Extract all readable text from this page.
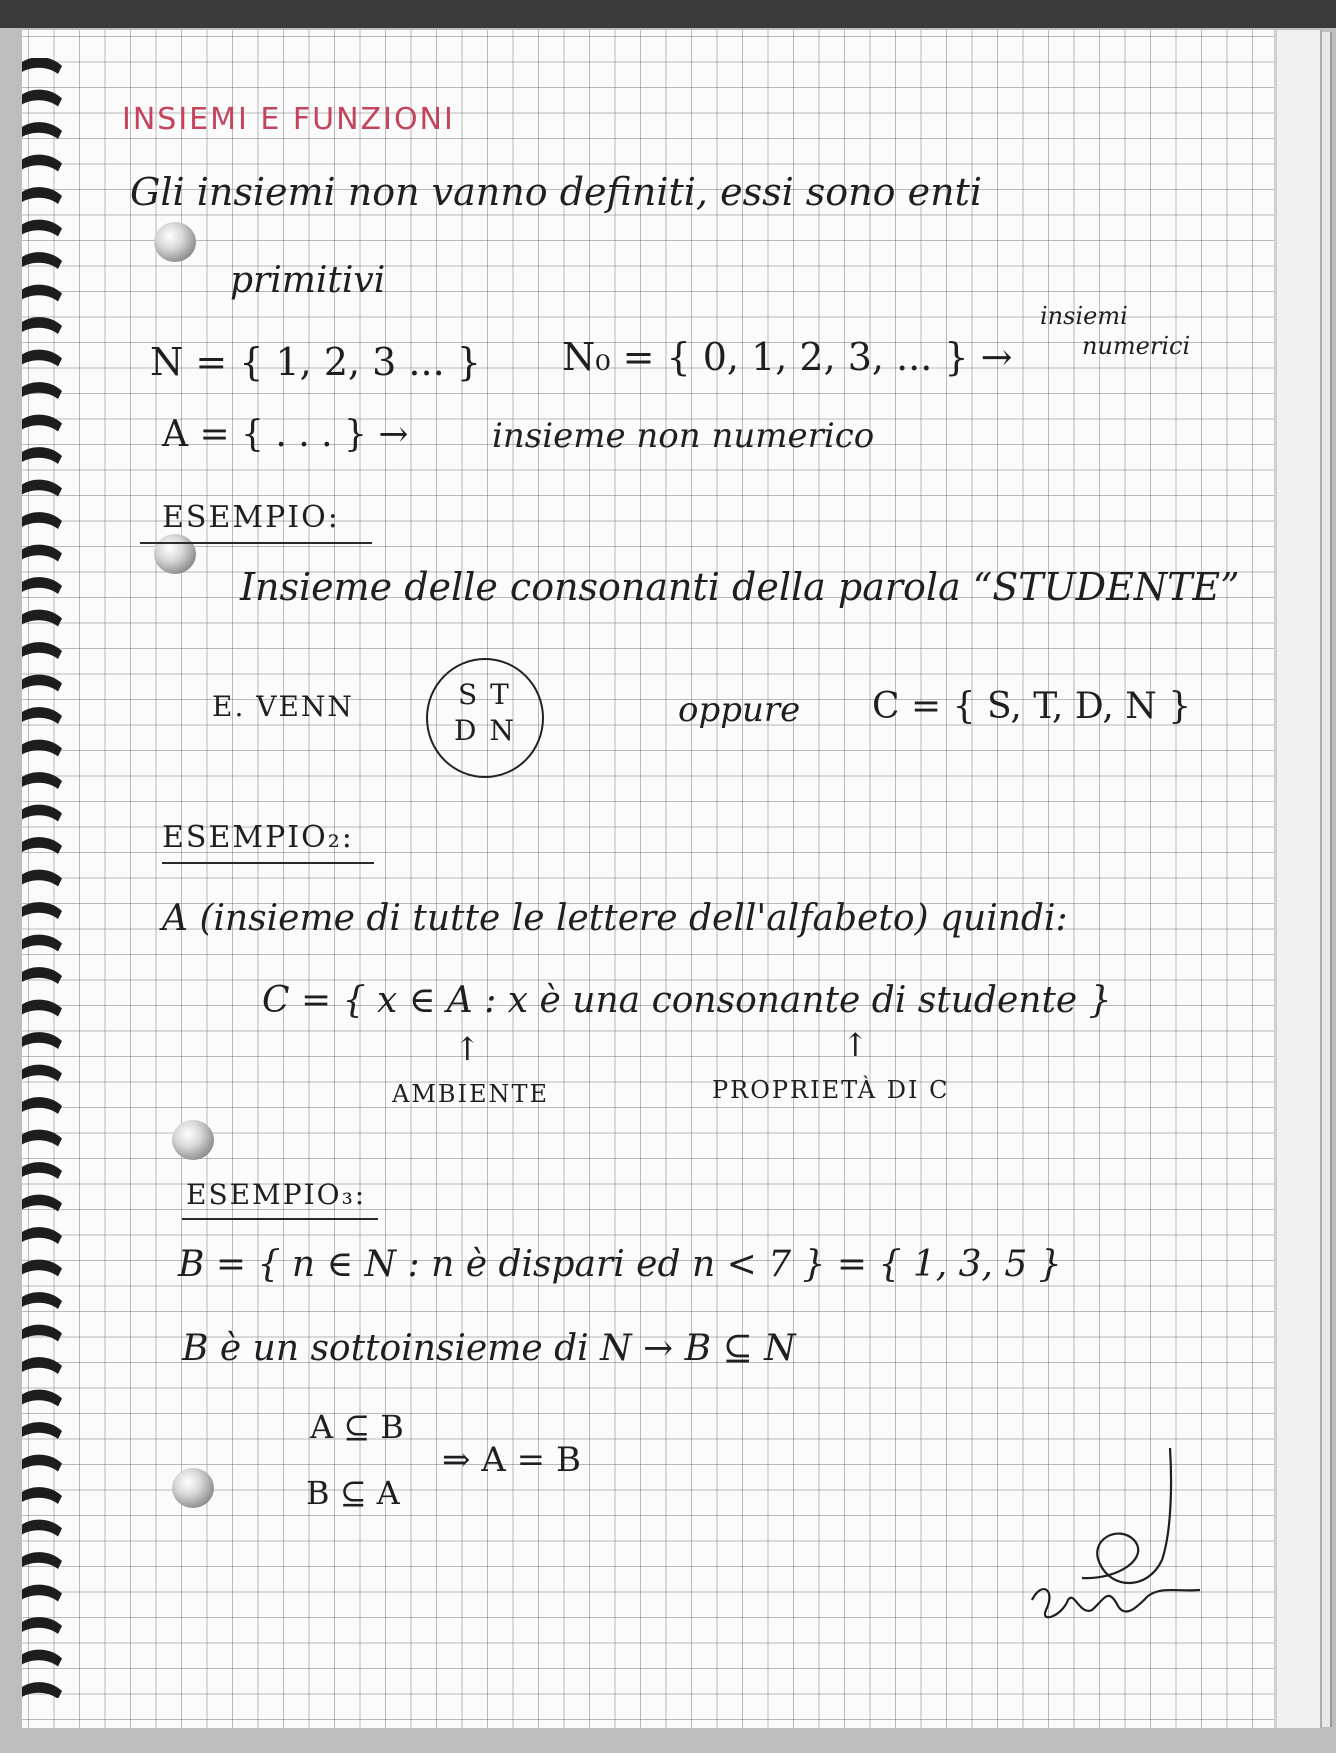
INSIEMI E FUNZIONI
Gli insiemi non vanno definiti, essi sono enti
primitivi
N = { 1, 2, 3 ... } N₀ = { 0, 1, 2, 3, ... } →
insiemi
numerici
A = { . . . } → insieme non numerico
ESEMPIO:
Insieme delle consonanti della parola “STUDENTE”
E. VENN	S T
D N
oppure C = { S, T, D, N }
ESEMPIO₂:
A (insieme di tutte le lettere dell'alfabeto) quindi:
C = { x ∈ A : x è una consonante di studente }
↑	↑
AMBIENTE	PROPRIETÀ DI C
ESEMPIO₃:
B = { n ∈ N : n è dispari ed n < 7 } = { 1, 3, 5 }
B è un sottoinsieme di N → B ⊆ N
A ⊆ B
B ⊆ A
⇒ A = B
